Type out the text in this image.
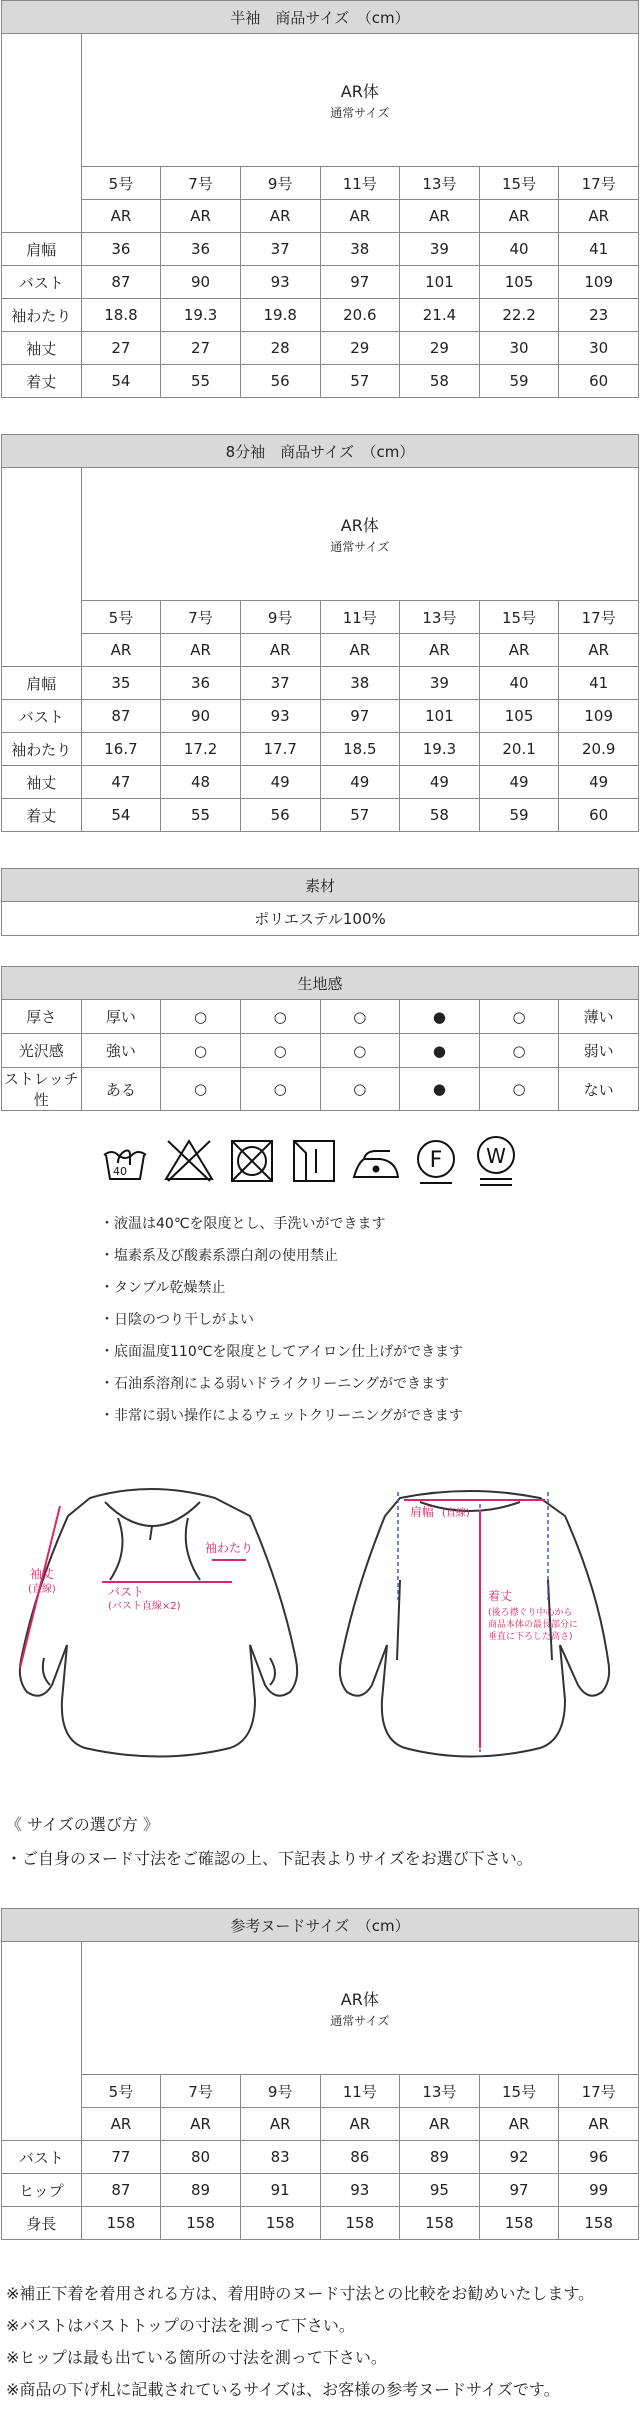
半袖　商品サイズ　（cm）							

	AR体
通常サイズ						

	5号	7号	9号	11号	13号	15号	17号
	AR	AR	AR	AR	AR	AR	AR
肩幅	36	36	37	38	39	40	41
バスト	87	90	93	97	101	105	109
袖わたり	18.8	19.3	19.8	20.6	21.4	22.2	23
袖丈	27	27	28	29	29	30	30
着丈	54	55	56	57	58	59	60
8分袖　商品サイズ　（cm）							

	AR体
通常サイズ						

	5号	7号	9号	11号	13号	15号	17号
	AR	AR	AR	AR	AR	AR	AR
肩幅	35	36	37	38	39	40	41
バスト	87	90	93	97	101	105	109
袖わたり	16.7	17.2	17.7	18.5	19.3	20.1	20.9
袖丈	47	48	49	49	49	49	49
着丈	54	55	56	57	58	59	60
素材
ポリエステル100%
生地感							
厚さ	厚い	○	○	○	●	○	薄い
光沢感	強い	○	○	○	●	○	弱い
ストレッチ性	ある	○	○	○	●	○	ない
40	F W
・液温は40℃を限度とし、手洗いができます
・塩素系及び酸素系漂白剤の使用禁止
・タンブル乾燥禁止
・日陰のつり干しがよい
・底面温度110℃を限度としてアイロン仕上げができます
・石油系溶剤による弱いドライクリーニングができます
・非常に弱い操作によるウェットクリーニングができます
袖丈
(直線)
袖わたり
バスト
(バスト直線×2)
肩幅 (直線)
着丈
(後ろ襟ぐり中心から
商品本体の最長部分に
垂直に下ろした高さ)
《 サイズの選び方 》
・ご自身のヌード寸法をご確認の上、下記表よりサイズをお選び下さい。
参考ヌードサイズ　（cm）							

	AR体
通常サイズ						

	5号	7号	9号	11号	13号	15号	17号
	AR	AR	AR	AR	AR	AR	AR
バスト	77	80	83	86	89	92	96
ヒップ	87	89	91	93	95	97	99
身長	158	158	158	158	158	158	158
※補正下着を着用される方は、着用時のヌード寸法との比較をお勧めいたします。
※バストはバストトップの寸法を測って下さい。
※ヒップは最も出ている箇所の寸法を測って下さい。
※商品の下げ札に記載されているサイズは、お客様の参考ヌードサイズです。
